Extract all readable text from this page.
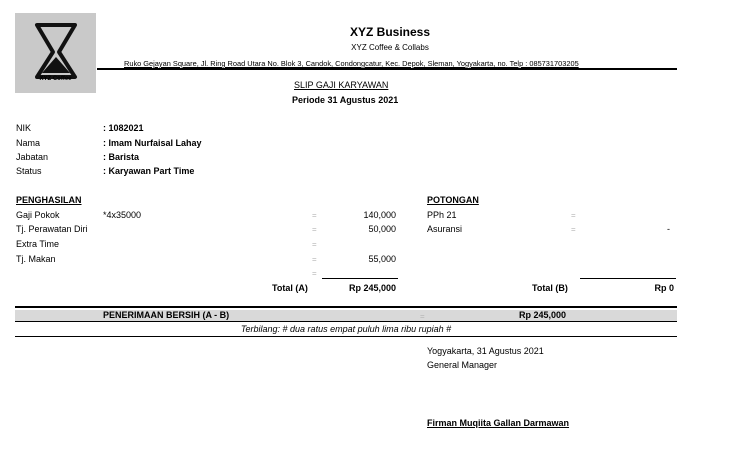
XYZ Coffee
XYZ Business
XYZ Coffee & Collabs
Ruko Gejayan Square, Jl. Ring Road Utara No. Blok 3, Candok, Condongcatur, Kec. Depok, Sleman, Yogyakarta, no. Telp : 085731703205
SLIP GAJI KARYAWAN
Periode 31 Agustus 2021
NIK	: 1082021
Nama	: Imam Nurfaisal Lahay
Jabatan	: Barista
Status	: Karyawan Part Time
PENGHASILAN
Gaji Pokok	*4x35000	=	140,000
Tj. Perawatan Diri	=	50,000
Extra Time	=
Tj. Makan	=	55,000
=
Total (A)	Rp 245,000
POTONGAN
PPh 21	=
Asuransi	=	-
Total (B)	Rp 0
PENERIMAAN BERSIH (A - B)	=	Rp 245,000
Terbilang: # dua ratus empat puluh lima ribu rupiah #
Yogyakarta, 31 Agustus 2021
General Manager
Firman Muqiita Gallan Darmawan
